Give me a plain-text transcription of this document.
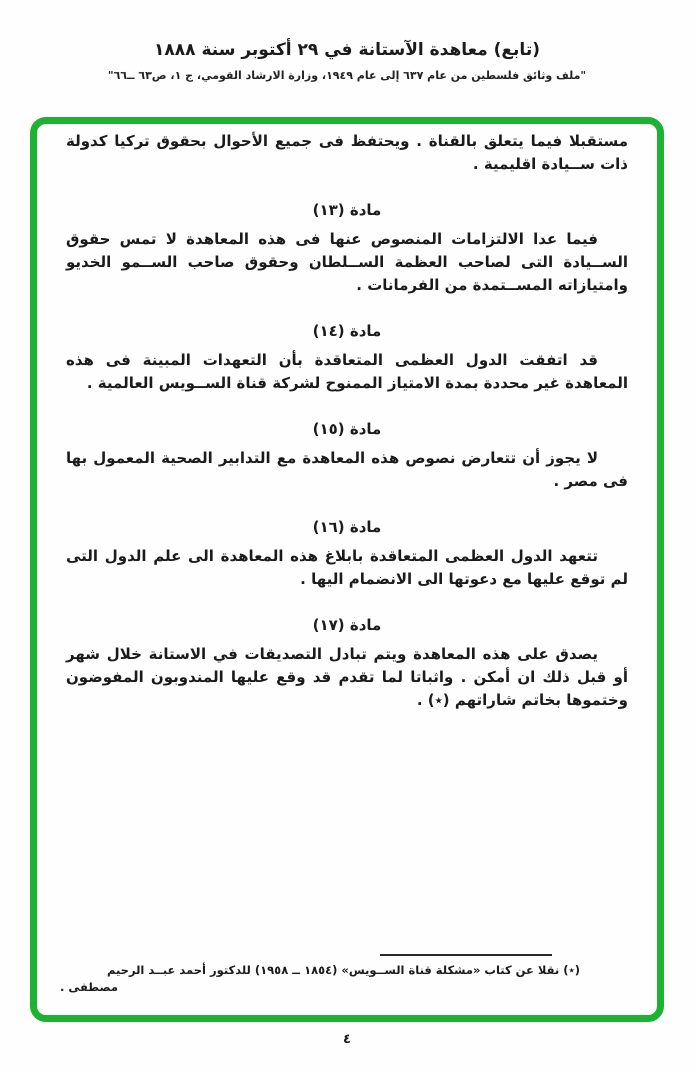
(تابع) معاهدة الآستانة في ٢٩ أكتوبر سنة ١٨٨٨

"ملف وثائق فلسطين من عام ٦٣٧ إلى عام ١٩٤٩، وزارة الارشاد القومي، ج ١، ص٦٣ ــ٦٦"

مستقبلا فيما يتعلق بالقناة . ويحتفظ فى جميع الأحوال بحقوق تركيا كدولة ذات ســيادة اقليمية .

مادة (١٣)

فيما عدا الالتزامات المنصوص عنها فى هذه المعاهدة لا تمس حقوق الســيادة التى لصاحب العظمة الســلطان وحقوق صاحب الســمو الخديو وامتيازاته المســتمدة من الفرمانات .

مادة (١٤)

قد اتفقت الدول العظمى المتعاقدة بأن التعهدات المبينة فى هذه المعاهدة غير محددة بمدة الامتياز الممنوح لشركة قناة الســويس العالمية .

مادة (١٥)

لا يجوز أن تتعارض نصوص هذه المعاهدة مع التدابير الصحية المعمول بها فى مصر .

مادة (١٦)

تتعهد الدول العظمى المتعاقدة بابلاغ هذه المعاهدة الى علم الدول التى لم توقع عليها مع دعوتها الى الانضمام اليها .

مادة (١٧)

يصدق على هذه المعاهدة ويتم تبادل التصديقات في الاستانة خلال شهر أو قبل ذلك ان أمكن . واثباتا لما تقدم قد وقع عليها المندوبون المفوضون وختموها بخاتم شاراتهم (٭) .

(٭) نقلا عن كتاب «مشكلة قناة الســويس» (١٨٥٤ ــ ١٩٥٨) للدكتور أحمد عبــد الرحيم

مصطفى .

٤
